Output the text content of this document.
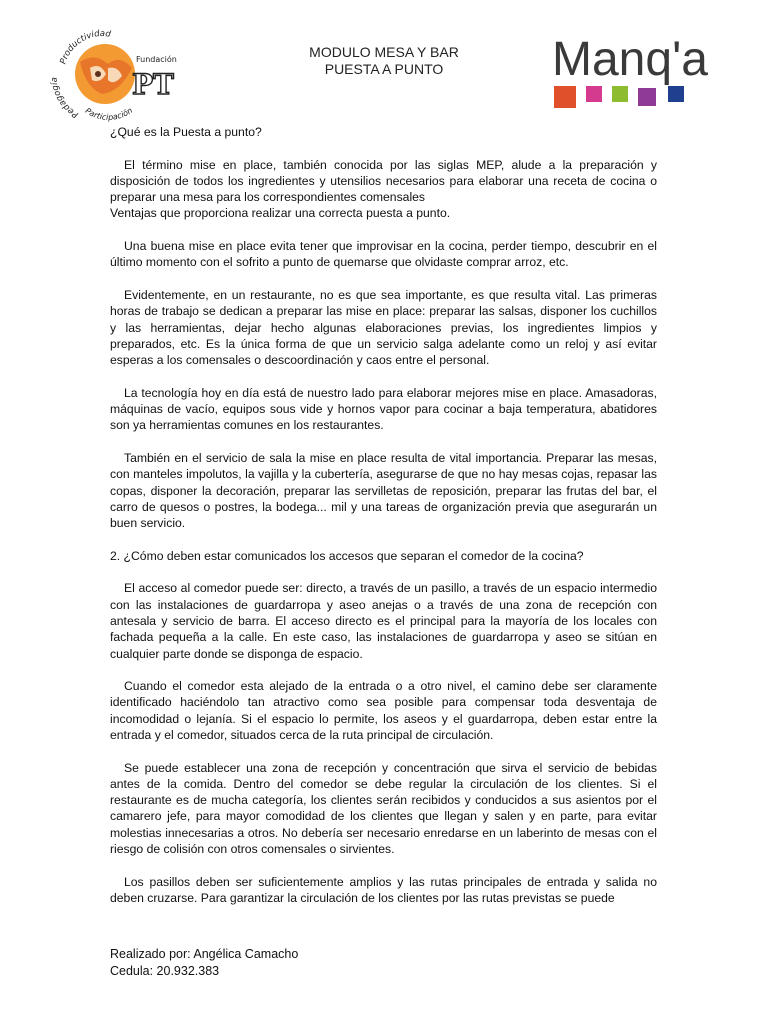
Productividad
Pedagogía
Participación
Fundación
PT
MODULO MESA Y BAR
PUESTA A PUNTO	Manq'a

¿Qué es la Puesta a punto?

El término mise en place, también conocida por las siglas MEP, alude a la preparación y disposición de todos los ingredientes y utensilios necesarios para elaborar una receta de cocina o preparar una mesa para los correspondientes comensales

Ventajas que proporciona realizar una correcta puesta a punto.

Una buena mise en place evita tener que improvisar en la cocina, perder tiempo, descubrir en el último momento con el sofrito a punto de quemarse que olvidaste comprar arroz, etc.

Evidentemente, en un restaurante, no es que sea importante, es que resulta vital. Las primeras horas de trabajo se dedican a preparar las mise en place: preparar las salsas, disponer los cuchillos y las herramientas, dejar hecho algunas elaboraciones previas, los ingredientes limpios y preparados, etc. Es la única forma de que un servicio salga adelante como un reloj y así evitar esperas a los comensales o descoordinación y caos entre el personal.

La tecnología hoy en día está de nuestro lado para elaborar mejores mise en place. Amasadoras, máquinas de vacío, equipos sous vide y hornos vapor para cocinar a baja temperatura, abatidores son ya herramientas comunes en los restaurantes.

También en el servicio de sala la mise en place resulta de vital importancia. Preparar las mesas, con manteles impolutos, la vajilla y la cubertería, asegurarse de que no hay mesas cojas, repasar las copas, disponer la decoración, preparar las servilletas de reposición, preparar las frutas del bar, el carro de quesos o postres, la bodega... mil y una tareas de organización previa que asegurarán un buen servicio.

2. ¿Cómo deben estar comunicados los accesos que separan el comedor de la cocina?

El acceso al comedor puede ser: directo, a través de un pasillo, a través de un espacio intermedio con las instalaciones de guardarropa y aseo anejas o a través de una zona de recepción con antesala y servicio de barra. El acceso directo es el principal para la mayoría de los locales con fachada pequeña a la calle. En este caso, las instalaciones de guardarropa y aseo se sitúan en cualquier parte donde se disponga de espacio.

Cuando el comedor esta alejado de la entrada o a otro nivel, el camino debe ser claramente identificado haciéndolo tan atractivo como sea posible para compensar toda desventaja de incomodidad o lejanía. Si el espacio lo permite, los aseos y el guardarropa, deben estar entre la entrada y el comedor, situados cerca de la ruta principal de circulación.

Se puede establecer una zona de recepción y concentración que sirva el servicio de bebidas antes de la comida. Dentro del comedor se debe regular la circulación de los clientes. Si el restaurante es de mucha categoría, los clientes serán recibidos y conducidos a sus asientos por el camarero jefe, para mayor comodidad de los clientes que llegan y salen y en parte, para evitar molestias innecesarias a otros. No debería ser necesario enredarse en un laberinto de mesas con el riesgo de colisión con otros comensales o sirvientes.

Los pasillos deben ser suficientemente amplios y las rutas principales de entrada y salida no deben cruzarse. Para garantizar la circulación de los clientes por las rutas previstas se puede

Realizado por: Angélica Camacho
Cedula: 20.932.383
